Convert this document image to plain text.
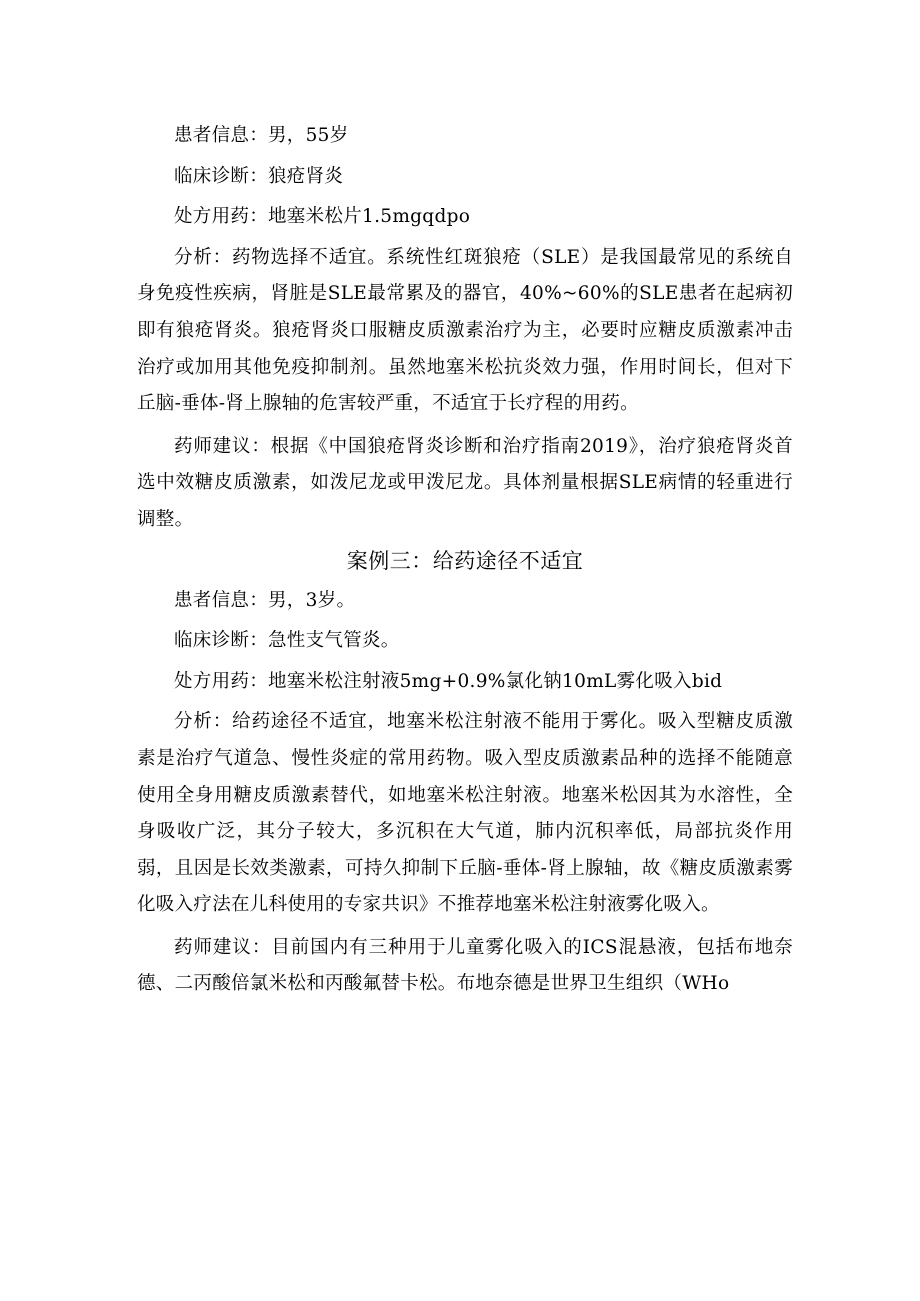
患者信息：男，55岁

临床诊断：狼疮肾炎

处方用药：地塞米松片1.5mgqdpo

分析：药物选择不适宜。系统性红斑狼疮（SLE）是我国最常见的系统自身免疫性疾病，肾脏是SLE最常累及的器官，40%~60%的SLE患者在起病初即有狼疮肾炎。狼疮肾炎口服糖皮质激素治疗为主，必要时应糖皮质激素冲击治疗或加用其他免疫抑制剂。虽然地塞米松抗炎效力强，作用时间长，但对下丘脑-垂体-肾上腺轴的危害较严重，不适宜于长疗程的用药。

药师建议：根据《中国狼疮肾炎诊断和治疗指南2019》，治疗狼疮肾炎首选中效糖皮质激素，如泼尼龙或甲泼尼龙。具体剂量根据SLE病情的轻重进行调整。

案例三：给药途径不适宜

患者信息：男，3岁。

临床诊断：急性支气管炎。

处方用药：地塞米松注射液5mg+0.9%氯化钠10mL雾化吸入bid

分析：给药途径不适宜，地塞米松注射液不能用于雾化。吸入型糖皮质激素是治疗气道急、慢性炎症的常用药物。吸入型皮质激素品种的选择不能随意使用全身用糖皮质激素替代，如地塞米松注射液。地塞米松因其为水溶性，全身吸收广泛，其分子较大，多沉积在大气道，肺内沉积率低，局部抗炎作用弱，且因是长效类激素，可持久抑制下丘脑-垂体-肾上腺轴，故《糖皮质激素雾化吸入疗法在儿科使用的专家共识》不推荐地塞米松注射液雾化吸入。

药师建议：目前国内有三种用于儿童雾化吸入的ICS混悬液，包括布地奈德、二丙酸倍氯米松和丙酸氟替卡松。布地奈德是世界卫生组织（WHo
